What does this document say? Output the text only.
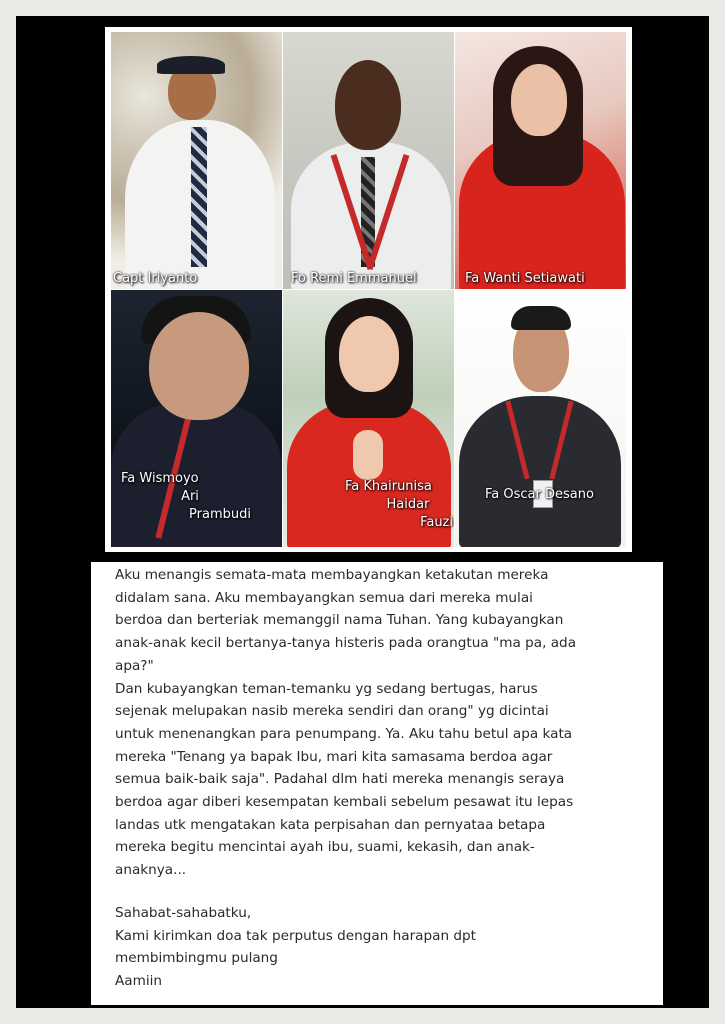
Capt Iriyanto	Fo Remi Emmanuel	Fa Wanti Setiawati
Fa Wismoyo
Ari
Prambudi
Fa Khairunisa
Haidar
Fauzi
Fa Oscar Desano
Aku menangis semata-mata membayangkan ketakutan mereka
didalam sana. Aku membayangkan semua dari mereka mulai
berdoa dan berteriak memanggil nama Tuhan. Yang kubayangkan
anak-anak kecil bertanya-tanya histeris pada orangtua "ma pa, ada
apa?"
Dan kubayangkan teman-temanku yg sedang bertugas, harus
sejenak melupakan nasib mereka sendiri dan orang" yg dicintai
untuk menenangkan para penumpang. Ya. Aku tahu betul apa kata
mereka "Tenang ya bapak Ibu, mari kita samasama berdoa agar
semua baik-baik saja". Padahal dlm hati mereka menangis seraya
berdoa agar diberi kesempatan kembali sebelum pesawat itu lepas
landas utk mengatakan kata perpisahan dan pernyataa betapa
mereka begitu mencintai ayah ibu, suami, kekasih, dan anak-
anaknya...
Sahabat-sahabatku,
Kami kirimkan doa tak perputus dengan harapan dpt
membimbingmu pulang
Aamiin
